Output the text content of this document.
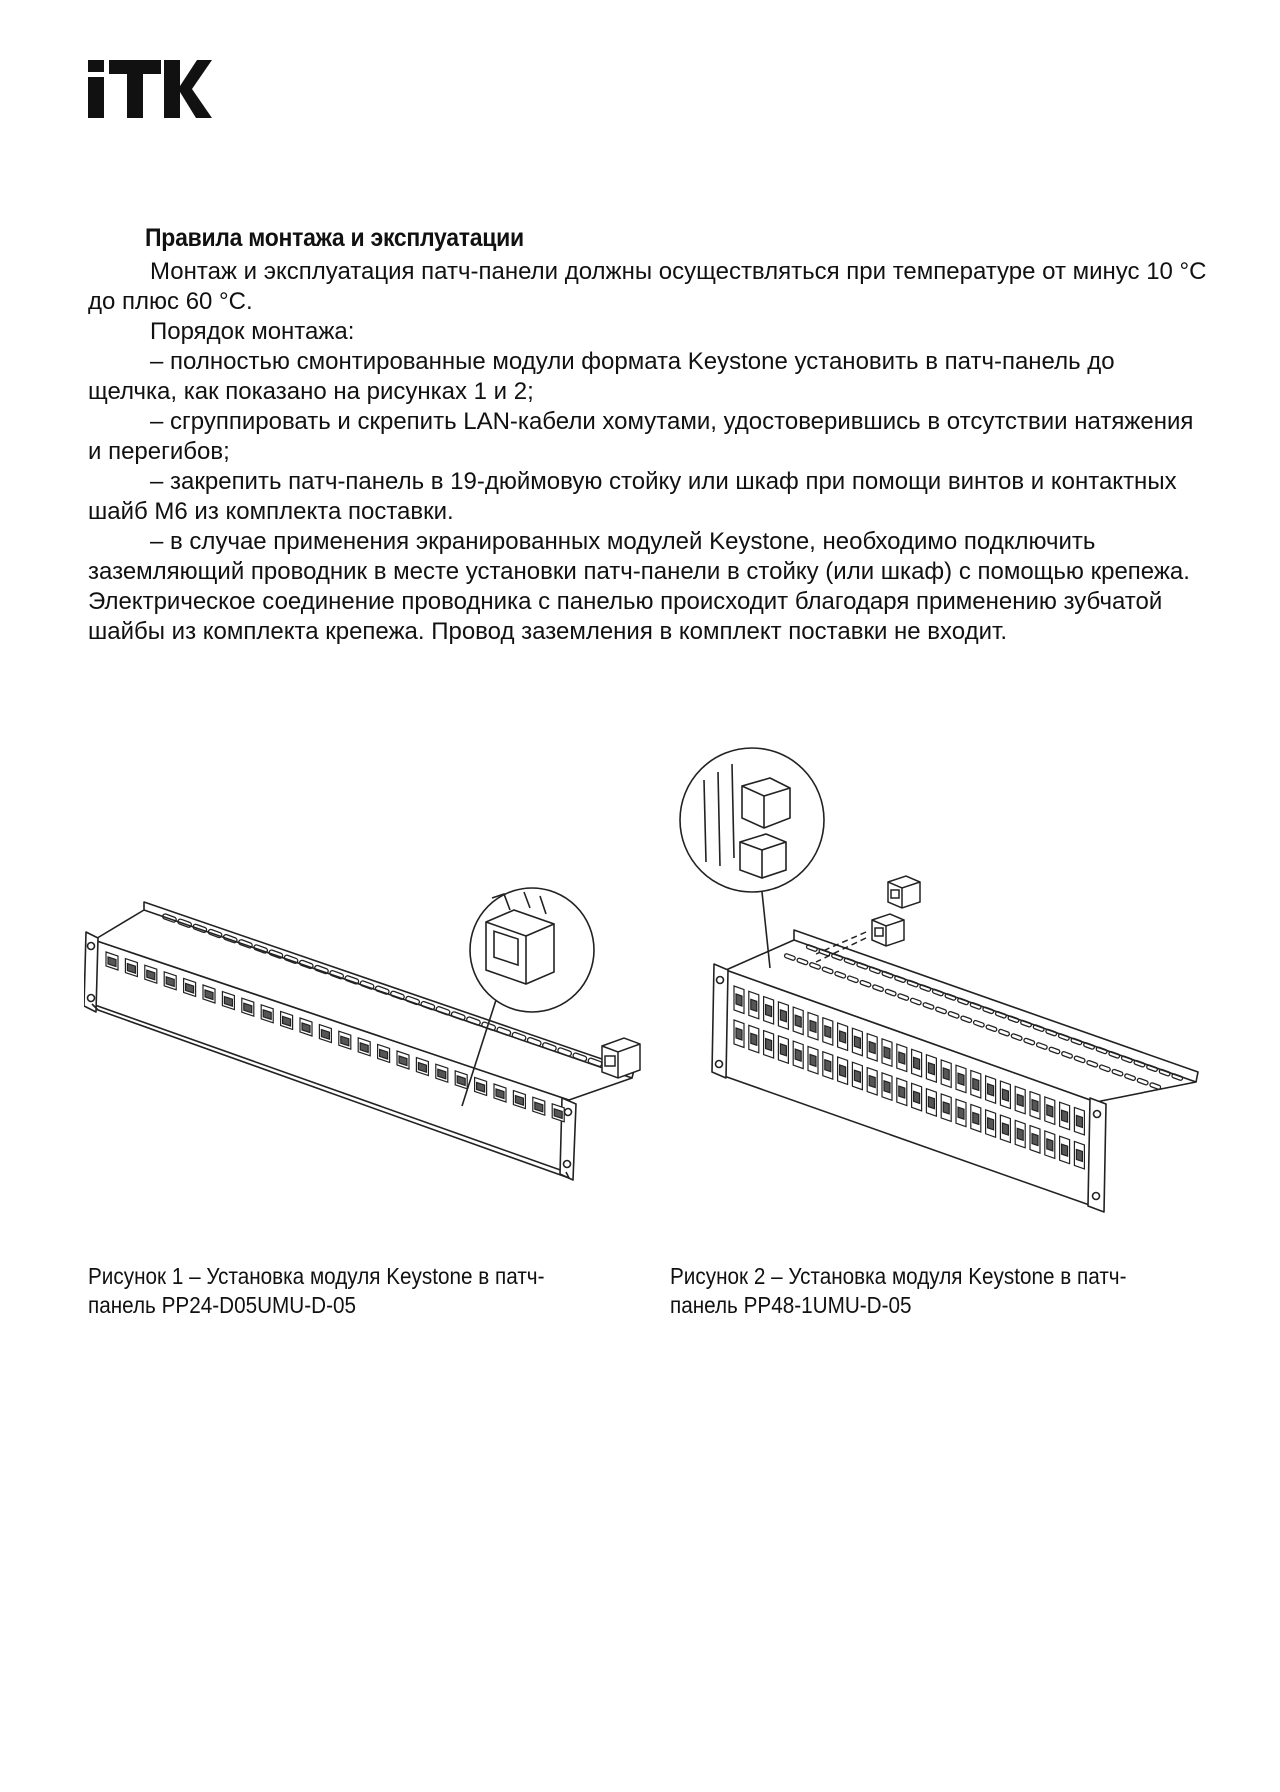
Правила монтажа и эксплуатации

Монтаж и эксплуатация патч-панели должны осуществляться при температуре от минус 10 °С до плюс 60 °С.

Порядок монтажа:

– полностью смонтированные модули формата Keystone установить в патч-панель до щелчка, как показано на рисунках 1 и 2;

– сгруппировать и скрепить LAN-кабели хомутами, удостоверившись в отсутствии натяжения и перегибов;

– закрепить патч-панель в 19-дюймовую стойку или шкаф при помощи винтов и контактных шайб М6 из комплекта поставки.

– в случае применения экранированных модулей Keystone, необходимо подключить заземляющий проводник в месте установки патч-панели в стойку (или шкаф) с помощью крепежа. Электрическое соединение проводника с панелью происходит благодаря применению зубчатой шайбы из комплекта крепежа. Провод заземления в комплект поставки не входит.

Рисунок 1 – Установка модуля Keystone в патч-панель PP24-D05UMU-D-05
Рисунок 2 – Установка модуля Keystone в патч-панель PP48-1UMU-D-05
